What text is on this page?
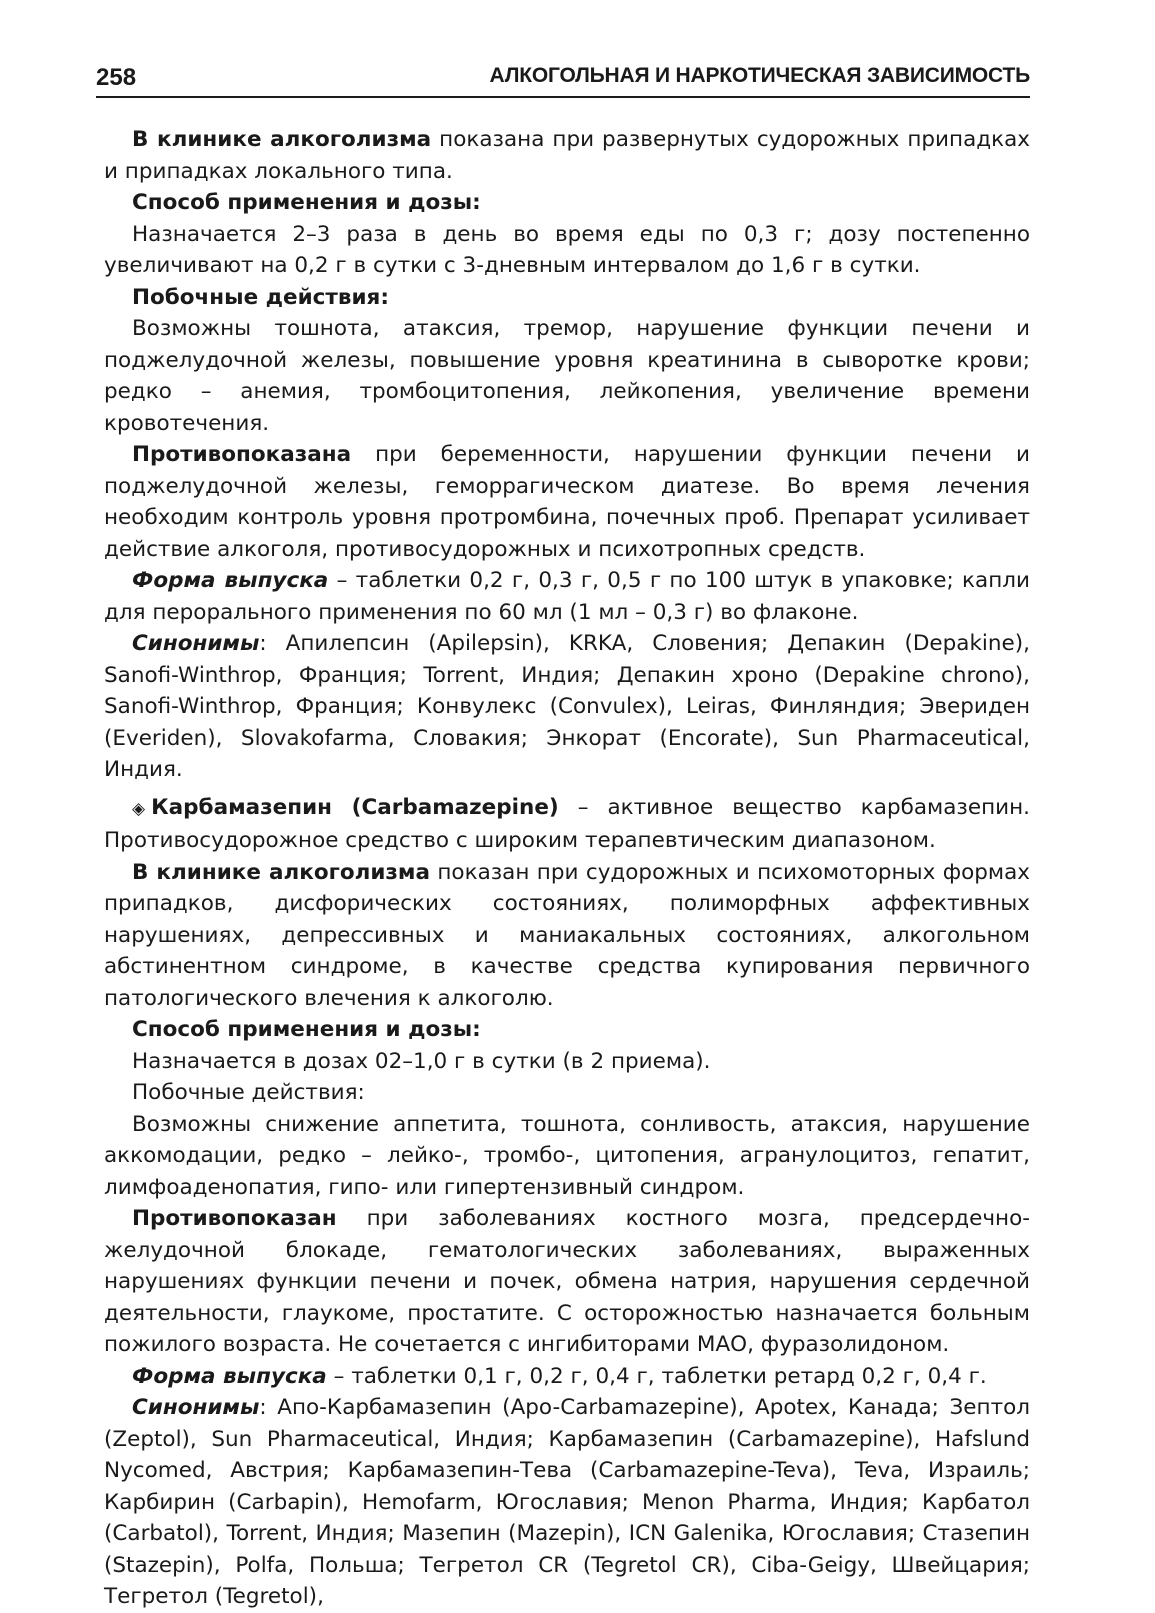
258	АЛКОГОЛЬНАЯ И НАРКОТИЧЕСКАЯ ЗАВИСИМОСТЬ

В клинике алкоголизма показана при развернутых судорожных припадках и припадках локального типа.

Способ применения и дозы:

Назначается 2–3 раза в день во время еды по 0,3 г; дозу постепенно увеличивают на 0,2 г в сутки с 3-дневным интервалом до 1,6 г в сутки.

Побочные действия:

Возможны тошнота, атаксия, тремор, нарушение функции печени и поджелудочной железы, повышение уровня креатинина в сыворотке крови; редко – анемия, тромбоцитопения, лейкопения, увеличение времени кровотечения.

Противопоказана при беременности, нарушении функции печени и поджелудочной железы, геморрагическом диатезе. Во время лечения необходим контроль уровня протромбина, почечных проб. Препарат усиливает действие алкоголя, противосудорожных и психотропных средств.

Форма выпуска – таблетки 0,2 г, 0,3 г, 0,5 г по 100 штук в упаковке; капли для перорального применения по 60 мл (1 мл – 0,3 г) во флаконе.

Синонимы: Апилепсин (Apilepsin), KRKA, Словения; Депакин (Depakine), Sanofi-Winthrop, Франция; Torrent, Индия; Депакин хроно (Depakine chrono), Sanofi-Winthrop, Франция; Конвулекс (Convulex), Leiras, Финляндия; Эвериден (Everiden), Slovakofarma, Словакия; Энкорат (Encorate), Sun Pharmaceutical, Индия.

◈ Карбамазепин (Carbamazepine) – активное вещество карбамазепин. Противосудорожное средство с широким терапевтическим диапазоном.

В клинике алкоголизма показан при судорожных и психомоторных формах припадков, дисфорических состояниях, полиморфных аффективных нарушениях, депрессивных и маниакальных состояниях, алкогольном абстинентном синдроме, в качестве средства купирования первичного патологического влечения к алкоголю.

Способ применения и дозы:

Назначается в дозах 02–1,0 г в сутки (в 2 приема).

Побочные действия:

Возможны снижение аппетита, тошнота, сонливость, атаксия, нарушение аккомодации, редко – лейко-, тромбо-, цитопения, агранулоцитоз, гепатит, лимфоаденопатия, гипо- или гипертензивный синдром.

Противопоказан при заболеваниях костного мозга, предсердечно-желудочной блокаде, гематологических заболеваниях, выраженных нарушениях функции печени и почек, обмена натрия, нарушения сердечной деятельности, глаукоме, простатите. С осторожностью назначается больным пожилого возраста. Не сочетается с ингибиторами МАО, фуразолидоном.

Форма выпуска – таблетки 0,1 г, 0,2 г, 0,4 г, таблетки ретард 0,2 г, 0,4 г.

Синонимы: Апо-Карбамазепин (Apo-Carbamazepine), Apotex, Канада; Зептол (Zeptol), Sun Pharmaceutical, Индия; Карбамазепин (Carbamazepine), Hafslund Nycomed, Австрия; Карбамазепин-Тева (Carbamazepine-Teva), Teva, Израиль; Карбирин (Carbapin), Hemofarm, Югославия; Menon Pharma, Индия; Карбатол (Carbatol), Torrent, Индия; Мазепин (Mazepin), ICN Galenika, Югославия; Стазепин (Stazepin), Polfa, Польша; Тегретол CR (Tegretol CR), Ciba-Geigy, Швейцария; Тегретол (Tegretol),
